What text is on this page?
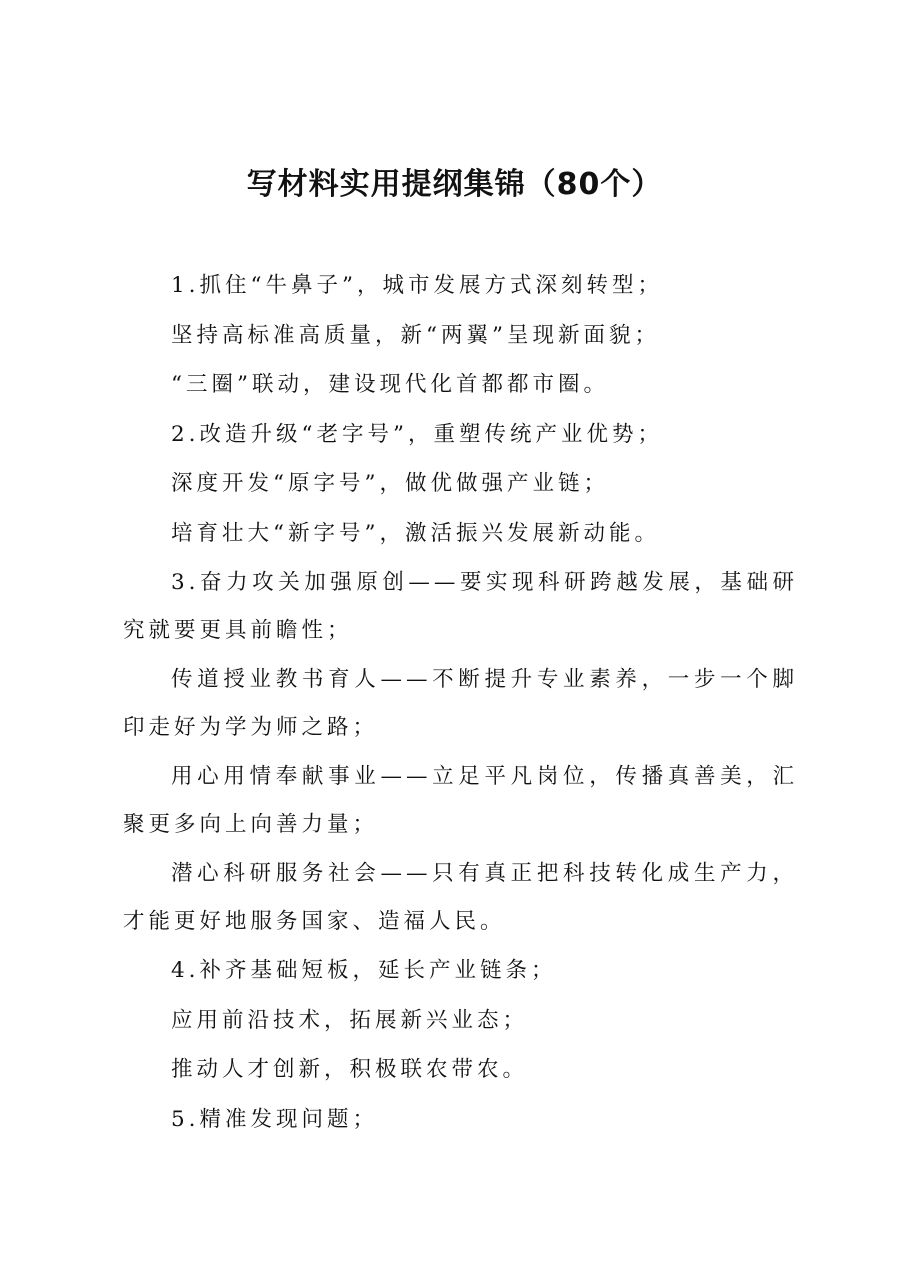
写材料实用提纲集锦（80个）

1.抓住“牛鼻子”，城市发展方式深刻转型；

坚持高标准高质量，新“两翼”呈现新面貌；

“三圈”联动，建设现代化首都都市圈。

2.改造升级“老字号”，重塑传统产业优势；

深度开发“原字号”，做优做强产业链；

培育壮大“新字号”，激活振兴发展新动能。

3.奋力攻关加强原创——要实现科研跨越发展，基础研究就要更具前瞻性；

传道授业教书育人——不断提升专业素养，一步一个脚印走好为学为师之路；

用心用情奉献事业——立足平凡岗位，传播真善美，汇聚更多向上向善力量；

潜心科研服务社会——只有真正把科技转化成生产力，才能更好地服务国家、造福人民。

4.补齐基础短板，延长产业链条；

应用前沿技术，拓展新兴业态；

推动人才创新，积极联农带农。

5.精准发现问题；
